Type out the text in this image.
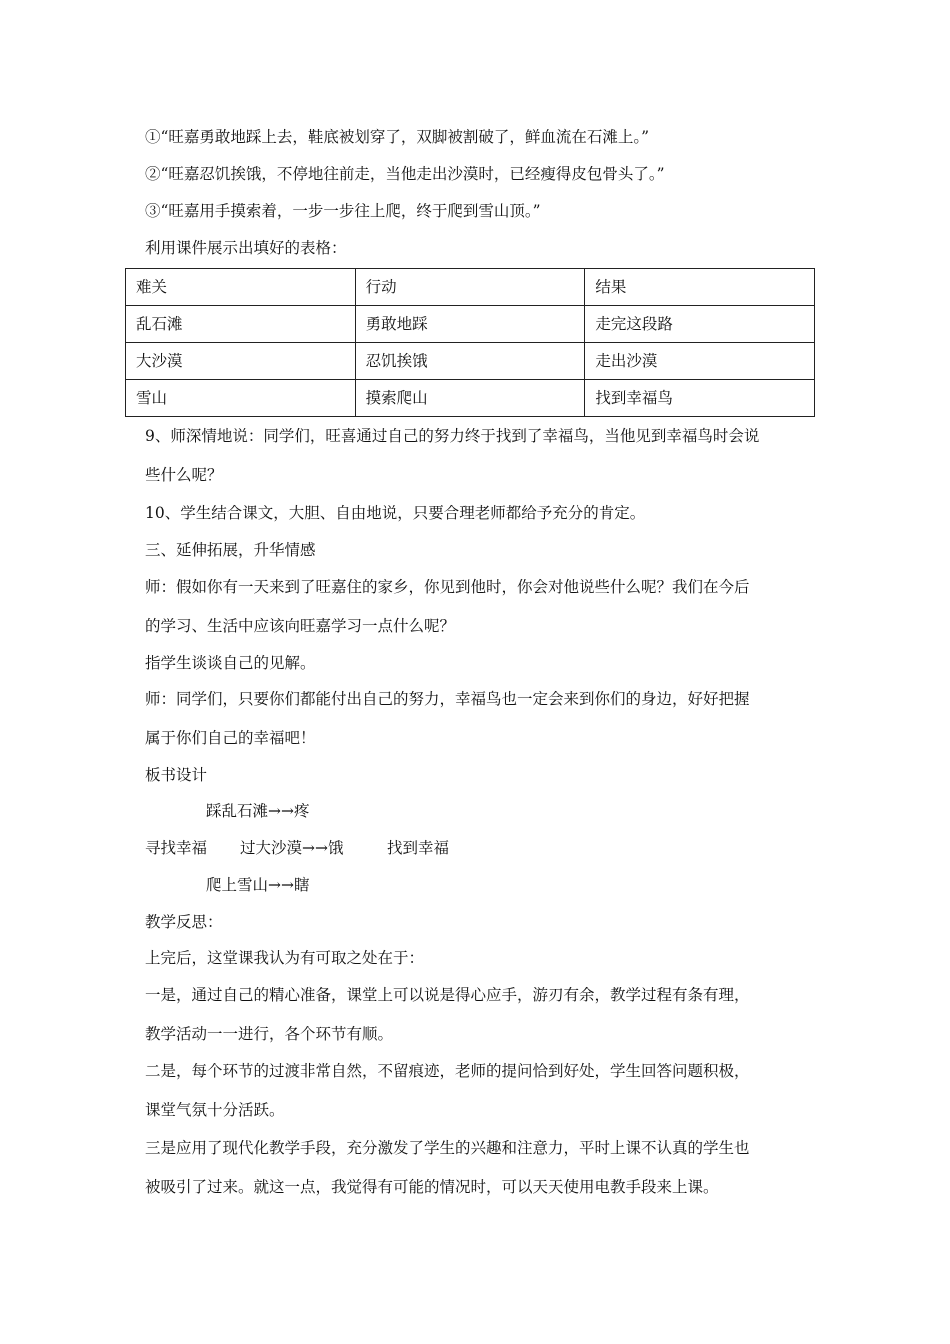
①“旺嘉勇敢地踩上去，鞋底被划穿了，双脚被割破了，鲜血流在石滩上。”
②“旺嘉忍饥挨饿，不停地往前走，当他走出沙漠时，已经瘦得皮包骨头了。”
③“旺嘉用手摸索着，一步一步往上爬，终于爬到雪山顶。”
利用课件展示出填好的表格：
难关	行动	结果
乱石滩	勇敢地踩	走完这段路
大沙漠	忍饥挨饿	走出沙漠
雪山	摸索爬山	找到幸福鸟
9、师深情地说：同学们，旺喜通过自己的努力终于找到了幸福鸟，当他见到幸福鸟时会说
些什么呢？
10、学生结合课文，大胆、自由地说，只要合理老师都给予充分的肯定。
三、延伸拓展，升华情感
师：假如你有一天来到了旺嘉住的家乡，你见到他时，你会对他说些什么呢？我们在今后
的学习、生活中应该向旺嘉学习一点什么呢？
指学生谈谈自己的见解。
师：同学们，只要你们都能付出自己的努力，幸福鸟也一定会来到你们的身边，好好把握
属于你们自己的幸福吧！
板书设计
踩乱石滩→→疼
寻找幸福 过大沙漠→→饿	找到幸福
爬上雪山→→瞎
教学反思：
上完后，这堂课我认为有可取之处在于：
一是，通过自己的精心准备，课堂上可以说是得心应手，游刃有余，教学过程有条有理，
教学活动一一进行，各个环节有顺。
二是，每个环节的过渡非常自然，不留痕迹，老师的提问恰到好处，学生回答问题积极，
课堂气氛十分活跃。
三是应用了现代化教学手段，充分激发了学生的兴趣和注意力，平时上课不认真的学生也
被吸引了过来。就这一点，我觉得有可能的情况时，可以天天使用电教手段来上课。
